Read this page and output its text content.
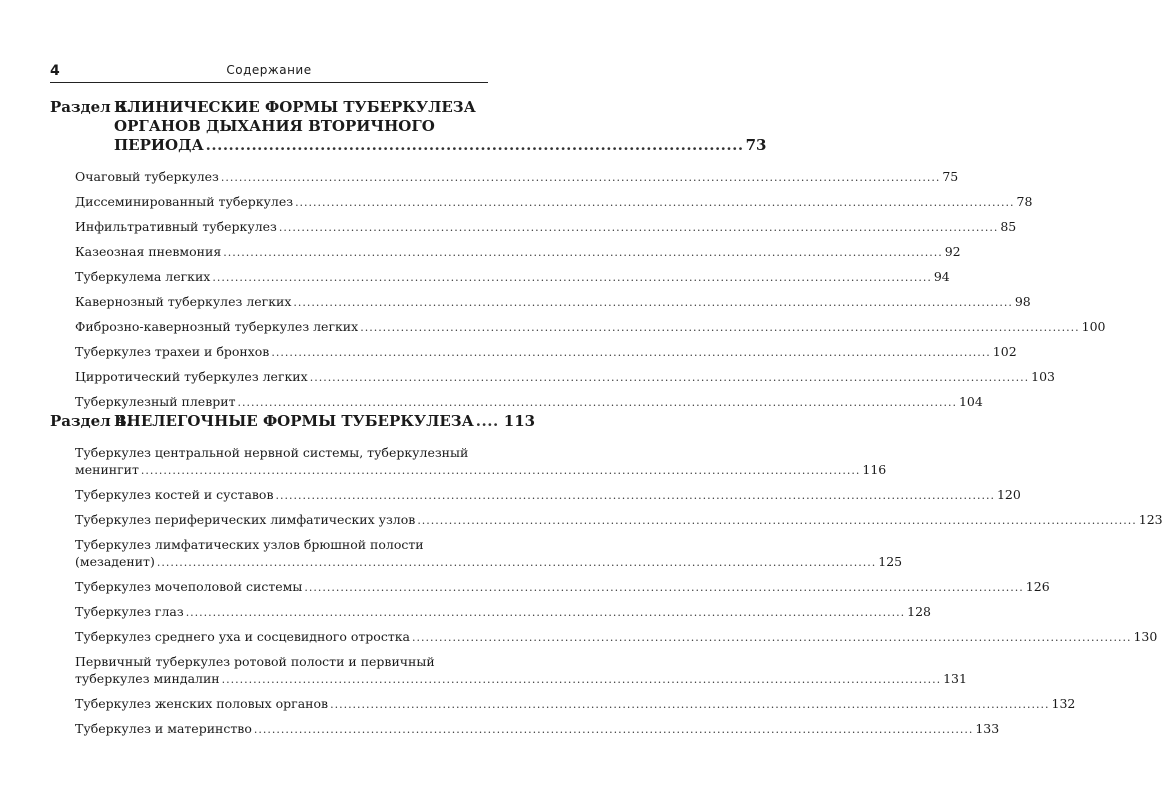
4	Содержание
Раздел 3.
КЛИНИЧЕСКИЕ ФОРМЫ ТУБЕРКУЛЕЗА
ОРГАНОВ ДЫХАНИЯ ВТОРИЧНОГО
ПЕРИОДА .............................................................................................. 73
Очаговый туберкулез ................................................................................................................................................................ 75
Диссеминированный туберкулез ................................................................................................................................................................ 78
Инфильтративный туберкулез ................................................................................................................................................................ 85
Казеозная пневмония ................................................................................................................................................................ 92
Туберкулема легких ................................................................................................................................................................ 94
Кавернозный туберкулез легких ................................................................................................................................................................ 98
Фиброзно-кавернозный туберкулез легких ................................................................................................................................................................ 100
Туберкулез трахеи и бронхов ................................................................................................................................................................ 102
Цирротический туберкулез легких ................................................................................................................................................................ 103
Туберкулезный плеврит ................................................................................................................................................................ 104
Раздел 4.
ВНЕЛЕГОЧНЫЕ ФОРМЫ ТУБЕРКУЛЕЗА .... 113
Туберкулез центральной нервной системы, туберкулезный
менингит ................................................................................................................................................................ 116
Туберкулез костей и суставов ................................................................................................................................................................ 120
Туберкулез периферических лимфатических узлов ................................................................................................................................................................ 123
Туберкулез лимфатических узлов брюшной полости
(мезаденит) ................................................................................................................................................................ 125
Туберкулез мочеполовой системы ................................................................................................................................................................ 126
Туберкулез глаз ................................................................................................................................................................ 128
Туберкулез среднего уха и сосцевидного отростка ................................................................................................................................................................ 130
Первичный туберкулез ротовой полости и первичный
туберкулез миндалин ................................................................................................................................................................ 131
Туберкулез женских половых органов ................................................................................................................................................................ 132
Туберкулез и материнство ................................................................................................................................................................ 133
